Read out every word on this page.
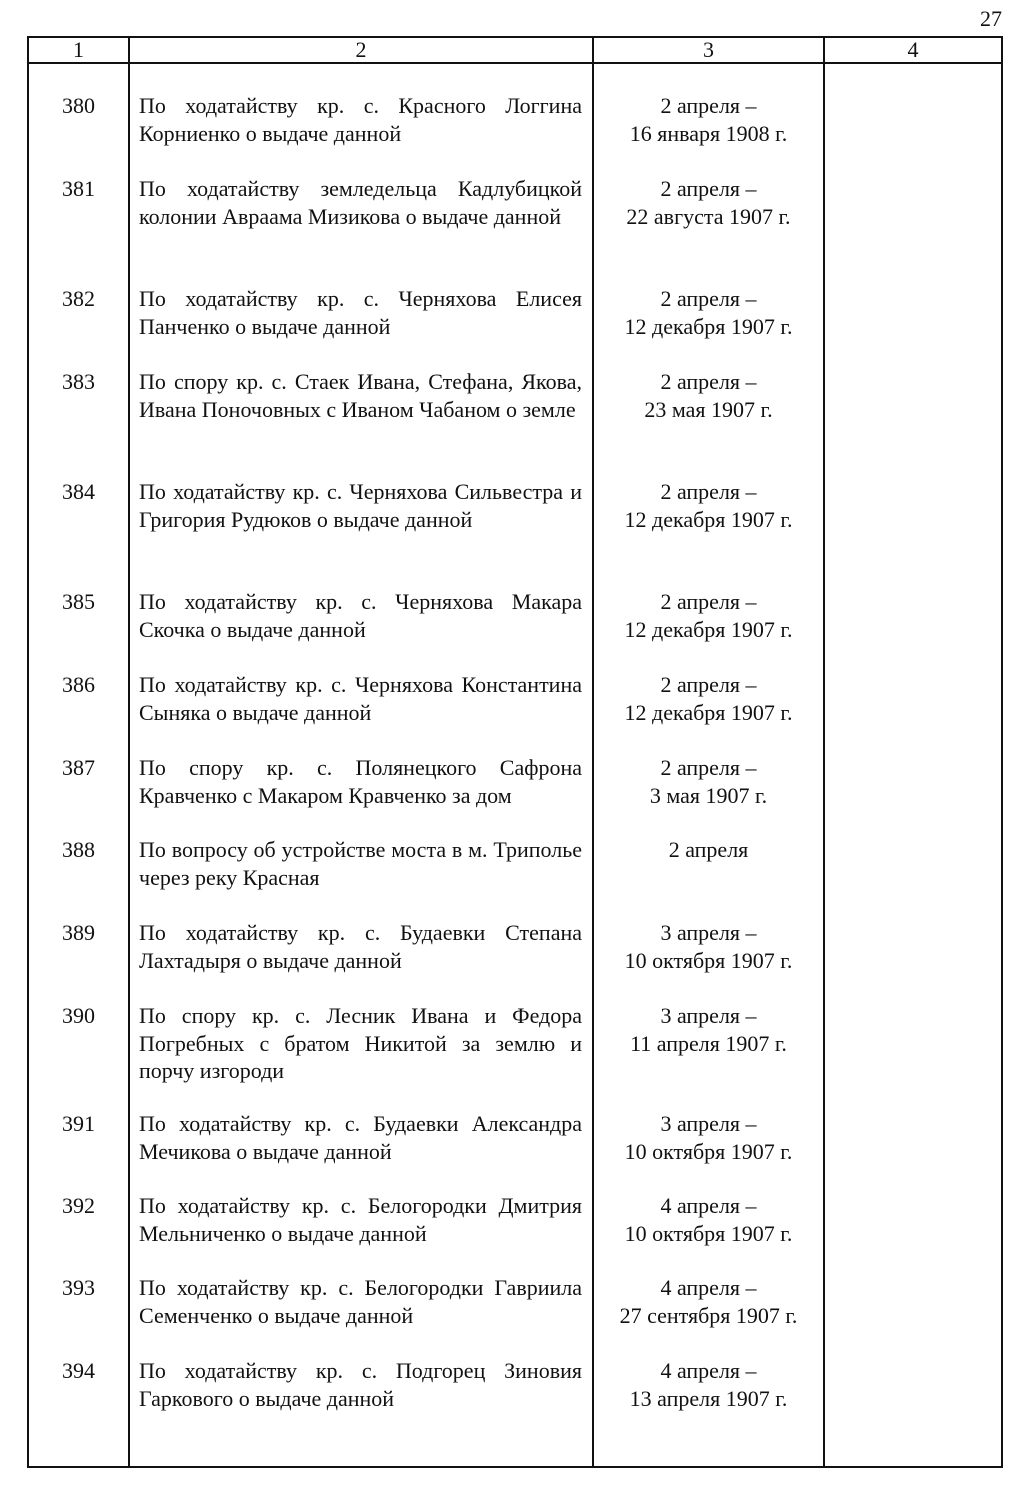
27
1	2	3	4
380	По ходатайству кр. с. Красного Логгина Корниенко о выдаче данной
2 апреля –
16 января 1908 г.
381	По ходатайству земледельца Кадлубицкой колонии Авраама Мизикова о выдаче данной
2 апреля –
22 августа 1907 г.
382	По ходатайству кр. с. Черняхова Елисея Панченко о выдаче данной
2 апреля –
12 декабря 1907 г.
383	По спору кр. с. Стаек Ивана, Стефана, Якова, Ивана Поночовных с Иваном Чабаном о земле
2 апреля –
23 мая 1907 г.
384	По ходатайству кр. с. Черняхова Сильвестра и Григория Рудюков о выдаче данной
2 апреля –
12 декабря 1907 г.
385	По ходатайству кр. с. Черняхова Макара Скочка о выдаче данной
2 апреля –
12 декабря 1907 г.
386	По ходатайству кр. с. Черняхова Константина Сыняка о выдаче данной
2 апреля –
12 декабря 1907 г.
387	По спору кр. с. Полянецкого Сафрона Кравченко с Макаром Кравченко за дом
2 апреля –
3 мая 1907 г.
388	По вопросу об устройстве моста в м. Триполье через реку Красная
2 апреля
389	По ходатайству кр. с. Будаевки Степана Лахтадыря о выдаче данной
3 апреля –
10 октября 1907 г.
390	По спору кр. с. Лесник Ивана и Федора Погребных с братом Никитой за землю и порчу изгороди
3 апреля –
11 апреля 1907 г.
391	По ходатайству кр. с. Будаевки Александра Мечикова о выдаче данной
3 апреля –
10 октября 1907 г.
392	По ходатайству кр. с. Белогородки Дмитрия Мельниченко о выдаче данной
4 апреля –
10 октября 1907 г.
393	По ходатайству кр. с. Белогородки Гавриила Семенченко о выдаче данной
4 апреля –
27 сентября 1907 г.
394	По ходатайству кр. с. Подгорец Зиновия Гаркового о выдаче данной
4 апреля –
13 апреля 1907 г.
